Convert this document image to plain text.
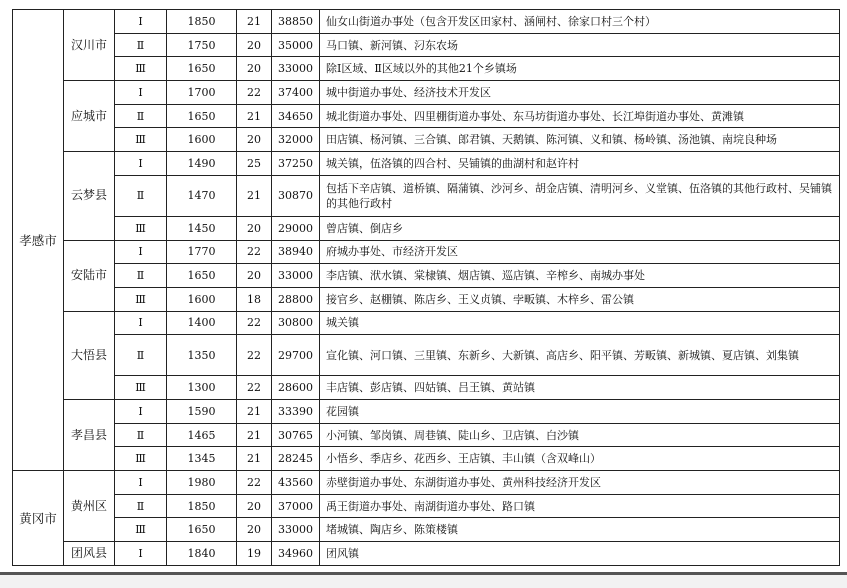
孝感市	汉川市	Ⅰ	1850	21	38850	仙女山街道办事处（包含开发区田家村、涵闸村、徐家口村三个村）
		Ⅱ	1750	20	35000	马口镇、新河镇、汈东农场
		Ⅲ	1650	20	33000	除Ⅰ区域、Ⅱ区域以外的其他21个乡镇场
	应城市	Ⅰ	1700	22	37400	城中街道办事处、经济技术开发区
		Ⅱ	1650	21	34650	城北街道办事处、四里棚街道办事处、东马坊街道办事处、长江埠街道办事处、黄滩镇
		Ⅲ	1600	20	32000	田店镇、杨河镇、三合镇、郎君镇、天鹅镇、陈河镇、义和镇、杨岭镇、汤池镇、南垸良种场
	云梦县	Ⅰ	1490	25	37250	城关镇，伍洛镇的四合村、吴铺镇的曲湖村和赵许村
		Ⅱ	1470	21	30870	包括下辛店镇、道桥镇、隔蒲镇、沙河乡、胡金店镇、清明河乡、义堂镇、伍洛镇的其他行政村、吴铺镇的其他行政村
		Ⅲ	1450	20	29000	曾店镇、倒店乡
	安陆市	Ⅰ	1770	22	38940	府城办事处、市经济开发区
		Ⅱ	1650	20	33000	李店镇、洑水镇、棠棣镇、烟店镇、巡店镇、辛榨乡、南城办事处
		Ⅲ	1600	18	28800	接官乡、赵棚镇、陈店乡、王义贞镇、孛畈镇、木梓乡、雷公镇
	大悟县	Ⅰ	1400	22	30800	城关镇
		Ⅱ	1350	22	29700	宣化镇、河口镇、三里镇、东新乡、大新镇、高店乡、阳平镇、芳畈镇、新城镇、夏店镇、刘集镇
		Ⅲ	1300	22	28600	丰店镇、彭店镇、四姑镇、吕王镇、黄站镇
	孝昌县	Ⅰ	1590	21	33390	花园镇
		Ⅱ	1465	21	30765	小河镇、邹岗镇、周巷镇、陡山乡、卫店镇、白沙镇
		Ⅲ	1345	21	28245	小悟乡、季店乡、花西乡、王店镇、丰山镇（含双峰山）
黄冈市	黄州区	Ⅰ	1980	22	43560	赤壁街道办事处、东湖街道办事处、黄州科技经济开发区
		Ⅱ	1850	20	37000	禹王街道办事处、南湖街道办事处、路口镇
		Ⅲ	1650	20	33000	堵城镇、陶店乡、陈策楼镇
	团风县	Ⅰ	1840	19	34960	团风镇
